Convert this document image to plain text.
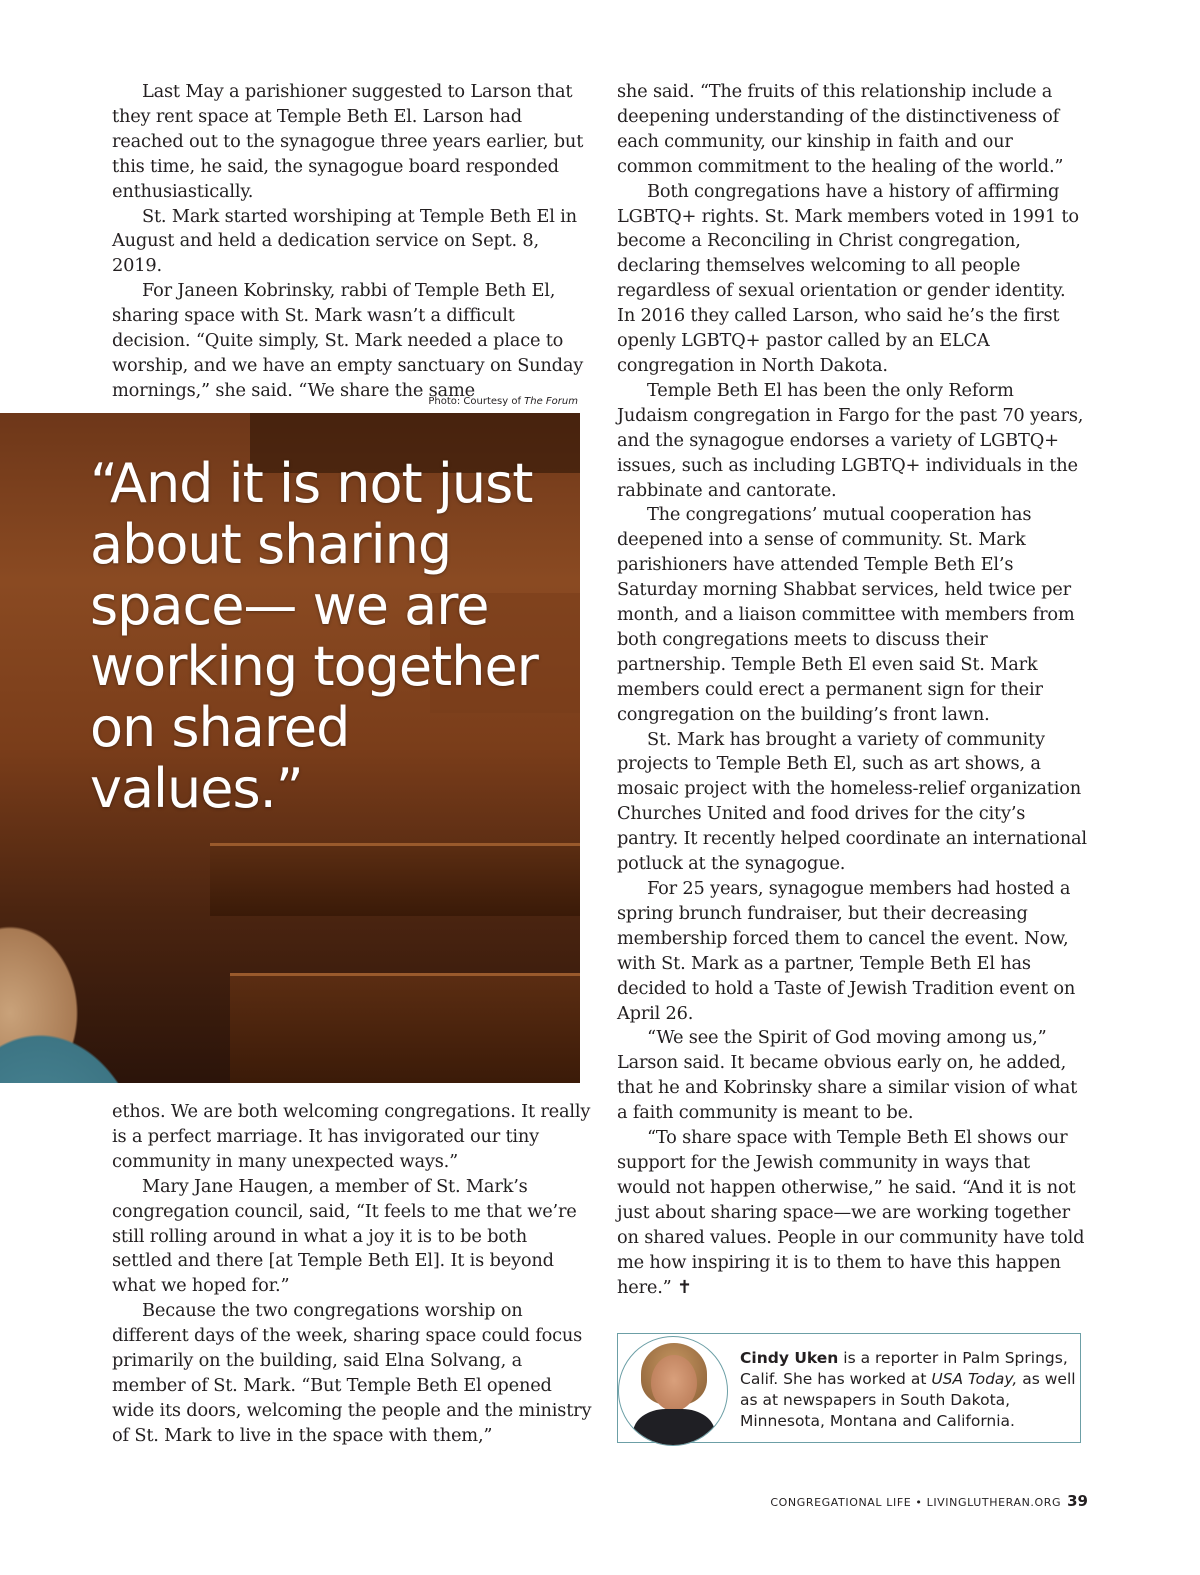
Last May a parishioner suggested to Larson that they rent space at Temple Beth El. Larson had reached out to the synagogue three years earlier, but this time, he said, the synagogue board responded enthusiastically.

St. Mark started worshiping at Temple Beth El in August and held a dedication service on Sept. 8, 2019.

For Janeen Kobrinsky, rabbi of Temple Beth El, sharing space with St. Mark wasn’t a difficult decision. “Quite simply, St. Mark needed a place to worship, and we have an empty sanctuary on Sunday mornings,” she said. “We share the same

Photo: Courtesy of The Forum

“And it is not just about sharing space— we are working together on shared values.”

ethos. We are both welcoming congregations. It really is a perfect marriage. It has invigorated our tiny community in many unexpected ways.”

Mary Jane Haugen, a member of St. Mark’s congregation council, said, “It feels to me that we’re still rolling around in what a joy it is to be both settled and there [at Temple Beth El]. It is beyond what we hoped for.”

Because the two congregations worship on different days of the week, sharing space could focus primarily on the building, said Elna Solvang, a member of St. Mark. “But Temple Beth El opened wide its doors, welcoming the people and the ministry of St. Mark to live in the space with them,”

she said. “The fruits of this relationship include a deepening understanding of the distinctiveness of each community, our kinship in faith and our common commitment to the healing of the world.”

Both congregations have a history of affirming LGBTQ+ rights. St. Mark members voted in 1991 to become a Reconciling in Christ congregation, declaring themselves welcoming to all people regardless of sexual orientation or gender identity. In 2016 they called Larson, who said he’s the first openly LGBTQ+ pastor called by an ELCA congregation in North Dakota.

Temple Beth El has been the only Reform Judaism congregation in Fargo for the past 70 years, and the synagogue endorses a variety of LGBTQ+ issues, such as including LGBTQ+ individuals in the rabbinate and cantorate.

The congregations’ mutual cooperation has deepened into a sense of community. St. Mark parishioners have attended Temple Beth El’s Saturday morning Shabbat services, held twice per month, and a liaison committee with members from both congregations meets to discuss their partnership. Temple Beth El even said St. Mark members could erect a permanent sign for their congregation on the building’s front lawn.

St. Mark has brought a variety of community projects to Temple Beth El, such as art shows, a mosaic project with the homeless-relief organization Churches United and food drives for the city’s pantry. It recently helped coordinate an international potluck at the synagogue.

For 25 years, synagogue members had hosted a spring brunch fundraiser, but their decreasing membership forced them to cancel the event. Now, with St. Mark as a partner, Temple Beth El has decided to hold a Taste of Jewish Tradition event on April 26.

“We see the Spirit of God moving among us,” Larson said. It became obvious early on, he added, that he and Kobrinsky share a similar vision of what a faith community is meant to be.

“To share space with Temple Beth El shows our support for the Jewish community in ways that would not happen otherwise,” he said. “And it is not just about sharing space—we are working together on shared values. People in our community have told me how inspiring it is to them to have this happen here.” ✝

Cindy Uken is a reporter in Palm Springs, Calif. She has worked at USA Today, as well as at newspapers in South Dakota, Minnesota, Montana and California.
CONGREGATIONAL LIFE • LIVINGLUTHERAN.ORG 39
